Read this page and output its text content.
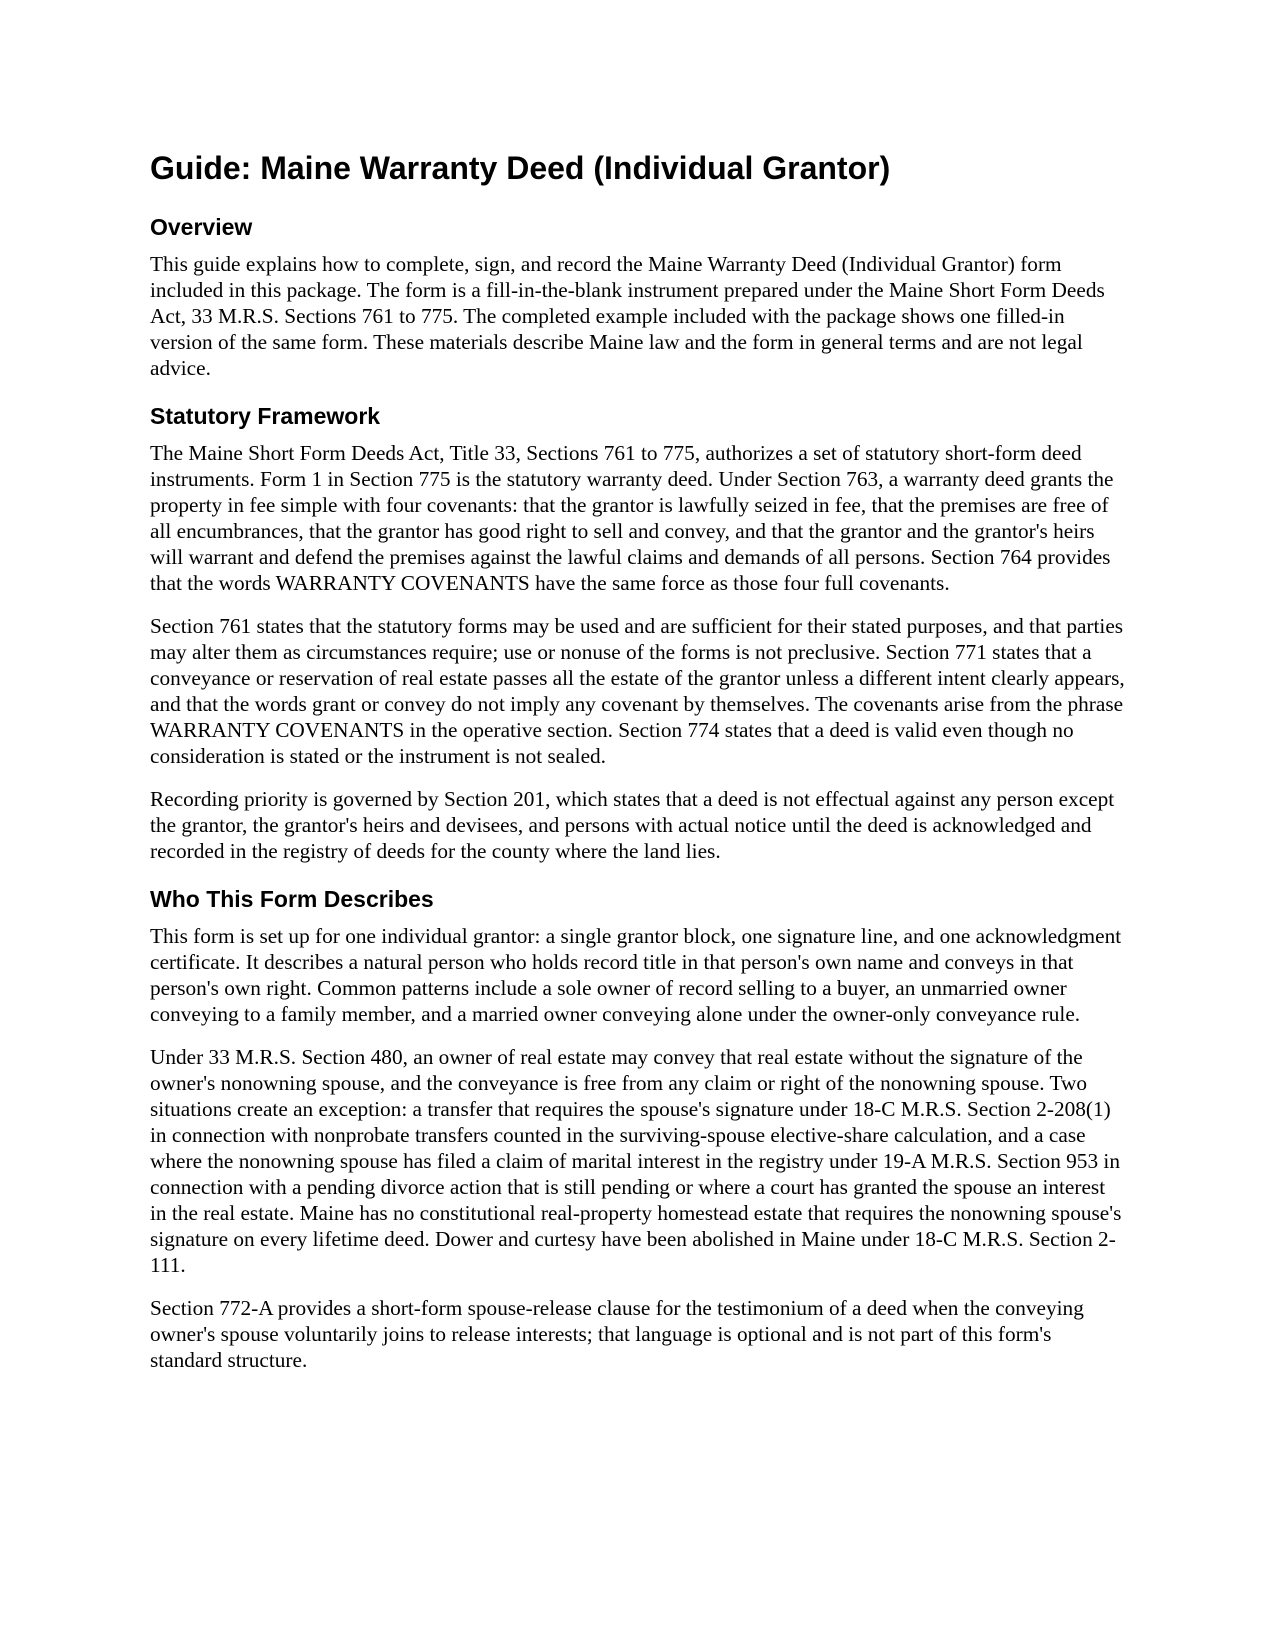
Guide: Maine Warranty Deed (Individual Grantor)
Overview

This guide explains how to complete, sign, and record the Maine Warranty Deed (Individual Grantor) form included in this package. The form is a fill-in-the-blank instrument prepared under the Maine Short Form Deeds Act, 33 M.R.S. Sections 761 to 775. The completed example included with the package shows one filled-in version of the same form. These materials describe Maine law and the form in general terms and are not legal advice.

Statutory Framework

The Maine Short Form Deeds Act, Title 33, Sections 761 to 775, authorizes a set of statutory short-form deed instruments. Form 1 in Section 775 is the statutory warranty deed. Under Section 763, a warranty deed grants the property in fee simple with four covenants: that the grantor is lawfully seized in fee, that the premises are free of all encumbrances, that the grantor has good right to sell and convey, and that the grantor and the grantor's heirs will warrant and defend the premises against the lawful claims and demands of all persons. Section 764 provides that the words WARRANTY COVENANTS have the same force as those four full covenants.

Section 761 states that the statutory forms may be used and are sufficient for their stated purposes, and that parties may alter them as circumstances require; use or nonuse of the forms is not preclusive. Section 771 states that a conveyance or reservation of real estate passes all the estate of the grantor unless a different intent clearly appears, and that the words grant or convey do not imply any covenant by themselves. The covenants arise from the phrase WARRANTY COVENANTS in the operative section. Section 774 states that a deed is valid even though no consideration is stated or the instrument is not sealed.

Recording priority is governed by Section 201, which states that a deed is not effectual against any person except the grantor, the grantor's heirs and devisees, and persons with actual notice until the deed is acknowledged and recorded in the registry of deeds for the county where the land lies.

Who This Form Describes

This form is set up for one individual grantor: a single grantor block, one signature line, and one acknowledgment certificate. It describes a natural person who holds record title in that person's own name and conveys in that person's own right. Common patterns include a sole owner of record selling to a buyer, an unmarried owner conveying to a family member, and a married owner conveying alone under the owner-only conveyance rule.

Under 33 M.R.S. Section 480, an owner of real estate may convey that real estate without the signature of the owner's nonowning spouse, and the conveyance is free from any claim or right of the nonowning spouse. Two situations create an exception: a transfer that requires the spouse's signature under 18-C M.R.S. Section 2-208(1) in connection with nonprobate transfers counted in the surviving-spouse elective-share calculation, and a case where the nonowning spouse has filed a claim of marital interest in the registry under 19-A M.R.S. Section 953 in connection with a pending divorce action that is still pending or where a court has granted the spouse an interest in the real estate. Maine has no constitutional real-property homestead estate that requires the nonowning spouse's signature on every lifetime deed. Dower and curtesy have been abolished in Maine under 18-C M.R.S. Section 2-111.

Section 772-A provides a short-form spouse-release clause for the testimonium of a deed when the conveying owner's spouse voluntarily joins to release interests; that language is optional and is not part of this form's standard structure.
